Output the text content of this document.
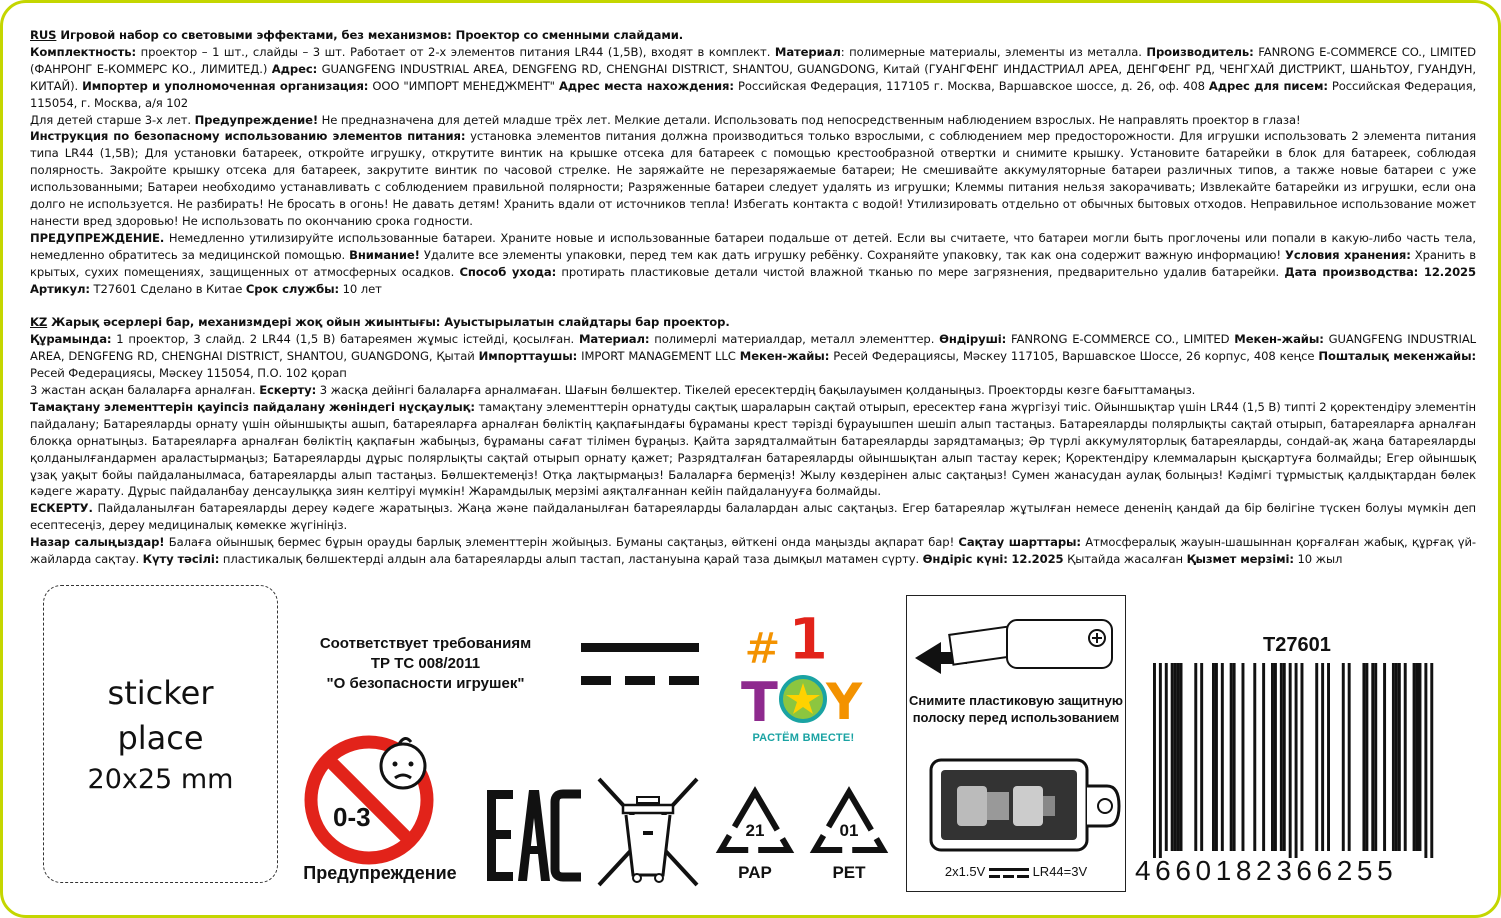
RUS Игровой набор со световыми эффектами, без механизмов: Проектор со сменными слайдами.

Комплектность: проектор – 1 шт., слайды – 3 шт. Работает от 2-х элементов питания LR44 (1,5В), входят в комплект. Материал: полимерные материалы, элементы из металла. Производитель: FANRONG E-COMMERCE CO., LIMITED (ФАНРОНГ Е-КОММЕРС КО., ЛИМИТЕД.) Адрес: GUANGFENG INDUSTRIAL AREA, DENGFENG RD, CHENGHAI DISTRICT, SHANTOU, GUANGDONG, Китай (ГУАНГФЕНГ ИНДАСТРИАЛ АРЕА, ДЕНГФЕНГ РД, ЧЕНГХАЙ ДИСТРИКТ, ШАНЬТОУ, ГУАНДУН, КИТАЙ). Импортер и уполномоченная организация: ООО "ИМПОРТ МЕНЕДЖМЕНТ" Адрес места нахождения: Российская Федерация, 117105 г. Москва, Варшавское шоссе, д. 26, оф. 408 Адрес для писем: Российская Федерация, 115054, г. Москва, а/я 102

Для детей старше 3-х лет. Предупреждение! Не предназначена для детей младше трёх лет. Мелкие детали. Использовать под непосредственным наблюдением взрослых. Не направлять проектор в глаза!

Инструкция по безопасному использованию элементов питания: установка элементов питания должна производиться только взрослыми, с соблюдением мер предосторожности. Для игрушки использовать 2 элемента питания типа LR44 (1,5В); Для установки батареек, откройте игрушку, открутите винтик на крышке отсека для батареек с помощью крестообразной отвертки и снимите крышку. Установите батарейки в блок для батареек, соблюдая полярность. Закройте крышку отсека для батареек, закрутите винтик по часовой стрелке. Не заряжайте не перезаряжаемые батареи; Не смешивайте аккумуляторные батареи различных типов, а также новые батареи с уже использованными; Батареи необходимо устанавливать с соблюдением правильной полярности; Разряженные батареи следует удалять из игрушки; Клеммы питания нельзя закорачивать; Извлекайте батарейки из игрушки, если она долго не используется. Не разбирать! Не бросать в огонь! Не давать детям! Хранить вдали от источников тепла! Избегать контакта с водой! Утилизировать отдельно от обычных бытовых отходов. Неправильное использование может нанести вред здоровью! Не использовать по окончанию срока годности.

ПРЕДУПРЕЖДЕНИЕ. Немедленно утилизируйте использованные батареи. Храните новые и использованные батареи подальше от детей. Если вы считаете, что батареи могли быть проглочены или попали в какую-либо часть тела, немедленно обратитесь за медицинской помощью. Внимание! Удалите все элементы упаковки, перед тем как дать игрушку ребёнку. Сохраняйте упаковку, так как она содержит важную информацию! Условия хранения: Хранить в крытых, сухих помещениях, защищенных от атмосферных осадков. Способ ухода: протирать пластиковые детали чистой влажной тканью по мере загрязнения, предварительно удалив батарейки. Дата производства: 12.2025 Артикул: T27601 Сделано в Китае Срок службы: 10 лет

KZ Жарық әсерлері бар, механизмдері жоқ ойын жиынтығы: Ауыстырылатын слайдтары бар проектор.

Құрамында: 1 проектор, 3 слайд. 2 LR44 (1,5 В) батареямен жұмыс істейді, қосылған. Материал: полимерлі материалдар, металл элементтер. Өндіруші: FANRONG E-COMMERCE CO., LIMITED Мекен-жайы: GUANGFENG INDUSTRIAL AREA, DENGFENG RD, CHENGHAI DISTRICT, SHANTOU, GUANGDONG, Қытай Импорттаушы: IMPORT MANAGEMENT LLC Мекен-жайы: Ресей Федерациясы, Мәскеу 117105, Варшавское Шоссе, 26 корпус, 408 кеңсе Пошталық мекенжайы: Ресей Федерациясы, Мәскеу 115054, П.О. 102 қорап

3 жастан асқан балаларға арналған. Ескерту: 3 жасқа дейінгі балаларға арналмаған. Шағын бөлшектер. Тікелей ересектердің бақылауымен қолданыңыз. Проекторды көзге бағыттамаңыз.

Тамақтану элементтерін қауіпсіз пайдалану жөніндегі нұсқаулық: тамақтану элементтерін орнатуды сақтық шараларын сақтай отырып, ересектер ғана жүргізуі тиіс. Ойыншықтар үшін LR44 (1,5 В) типті 2 қоректендіру элементін пайдалану; Батареяларды орнату үшін ойыншықты ашып, батареяларға арналған бөліктің қақпағындағы бұраманы крест тәрізді бұрауышпен шешіп алып тастаңыз. Батареяларды полярлықты сақтай отырып, батареяларға арналған блокқа орнатыңыз. Батареяларға арналған бөліктің қақпағын жабыңыз, бұраманы сағат тілімен бұраңыз. Қайта зарядталмайтын батареяларды зарядтамаңыз; Әр түрлі аккумуляторлық батареяларды, сондай-ақ жаңа батареяларды қолданылғандармен араластырмаңыз; Батареяларды дұрыс полярлықты сақтай отырып орнату қажет; Разрядталған батареяларды ойыншықтан алып тастау керек; Қоректендіру клеммаларын қысқартуға болмайды; Егер ойыншық ұзақ уақыт бойы пайдаланылмаса, батареяларды алып тастаңыз. Бөлшектемеңіз! Отқа лақтырмаңыз! Балаларға бермеңіз! Жылу көздерінен алыс сақтаңыз! Сумен жанасудан аулақ болыңыз! Кәдімгі тұрмыстық қалдықтардан бөлек кәдеге жарату. Дұрыс пайдаланбау денсаулыққа зиян келтіруі мүмкін! Жарамдылық мерзімі аяқталғаннан кейін пайдаланууға болмайды.

ЕСКЕРТУ. Пайдаланылған батареяларды дереу кәдеге жаратыңыз. Жаңа және пайдаланылған батареяларды балалардан алыс сақтаңыз. Егер батареялар жұтылған немесе дененің қандай да бір бөлігіне түскен болуы мүмкін деп есептесеңіз, дереу медициналық көмекке жүгініңіз.

Назар салыңыздар! Балаға ойыншық бермес бұрын орауды барлық элементтерін жойыңыз. Буманы сақтаңыз, өйткені онда маңызды ақпарат бар! Сақтау шарттары: Атмосфералық жауын-шашыннан қорғалған жабық, құрғақ үй-жайларда сақтау. Күту тәсілі: пластикалық бөлшектерді алдын ала батареяларды алып тастап, ластануына қарай таза дымқыл матамен сүрту. Өндіріс күні: 12.2025 Қытайда жасалған Қызмет мерзімі: 10 жыл

sticker
place
20x25 mm
Соответствует требованиям
ТР ТС 008/2011
"О безопасности игрушек"
0-3
Предупреждение
21
PAP
01
PET
# 1
T Y
РАСТЁМ ВМЕСТЕ!
Снимите пластиковую защитную полоску перед использованием
2x1.5V	LR44=3V
T27601
4660182366255
